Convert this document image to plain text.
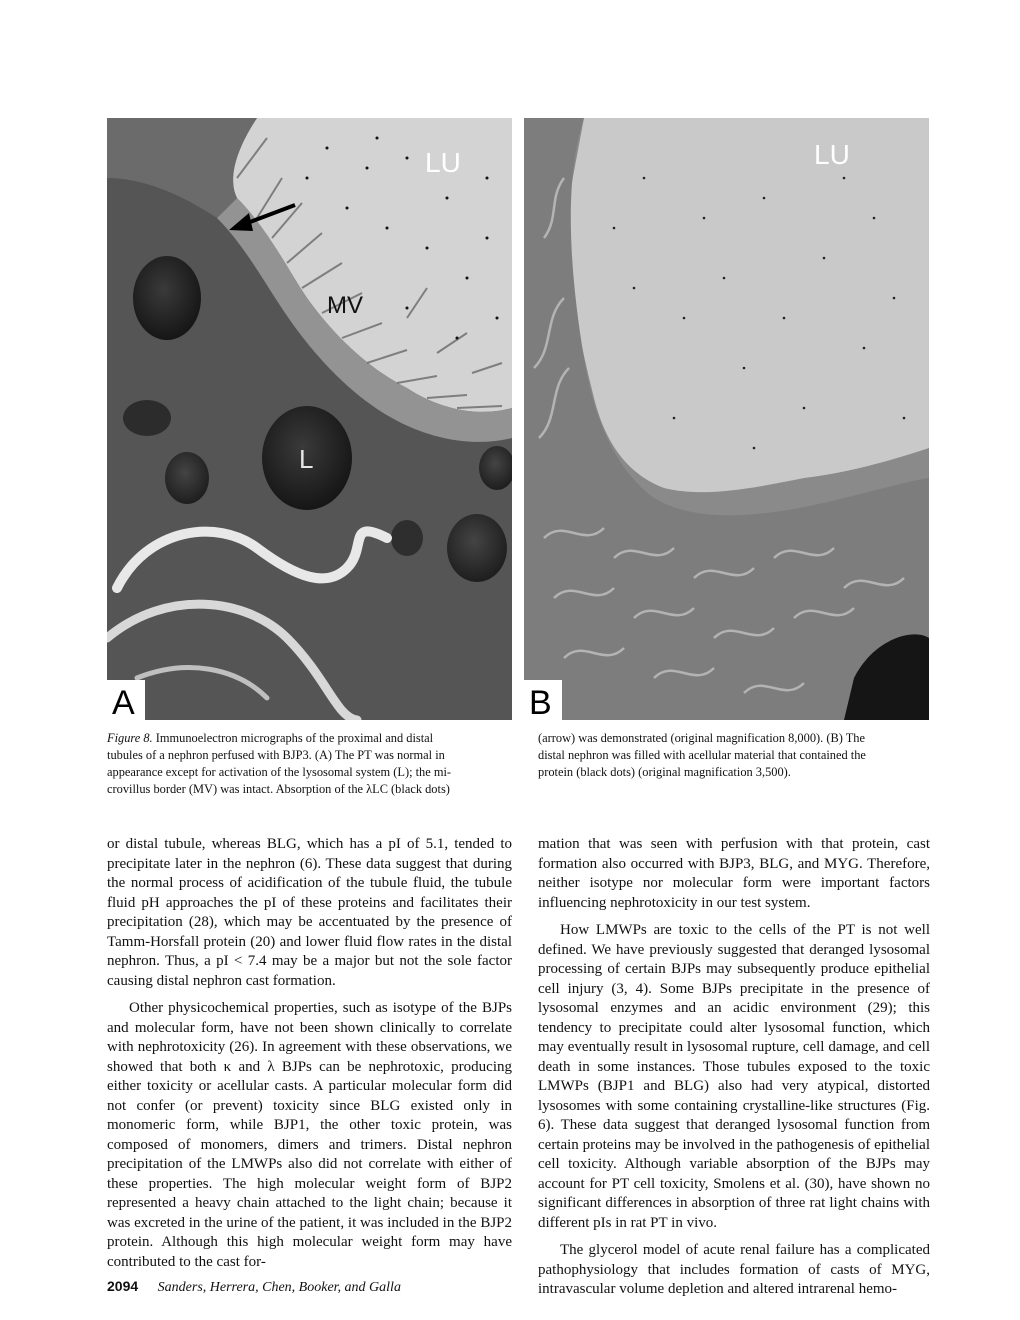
LU
MV
L
A
LU
B
Figure 8. Immunoelectron micrographs of the proximal and distal
tubules of a nephron perfused with BJP3. (A) The PT was normal in
appearance except for activation of the lysosomal system (L); the mi-
crovillus border (MV) was intact. Absorption of the λLC (black dots)
(arrow) was demonstrated (original magnification 8,000). (B) The
distal nephron was filled with acellular material that contained the
protein (black dots) (original magnification 3,500).

or distal tubule, whereas BLG, which has a pI of 5.1, tended to precipitate later in the nephron (6). These data suggest that during the normal process of acidification of the tubule fluid, the tubule fluid pH approaches the pI of these proteins and facilitates their precipitation (28), which may be accentuated by the presence of Tamm-Horsfall protein (20) and lower fluid flow rates in the distal nephron. Thus, a pI < 7.4 may be a major but not the sole factor causing distal nephron cast formation.

Other physicochemical properties, such as isotype of the BJPs and molecular form, have not been shown clinically to correlate with nephrotoxicity (26). In agreement with these observations, we showed that both κ and λ BJPs can be nephrotoxic, producing either toxicity or acellular casts. A particular molecular form did not confer (or prevent) toxicity since BLG existed only in monomeric form, while BJP1, the other toxic protein, was composed of monomers, dimers and trimers. Distal nephron precipitation of the LMWPs also did not correlate with either of these properties. The high molecular weight form of BJP2 represented a heavy chain attached to the light chain; because it was excreted in the urine of the patient, it was included in the BJP2 protein. Although this high molecular weight form may have contributed to the cast for-

mation that was seen with perfusion with that protein, cast formation also occurred with BJP3, BLG, and MYG. Therefore, neither isotype nor molecular form were important factors influencing nephrotoxicity in our test system.

How LMWPs are toxic to the cells of the PT is not well defined. We have previously suggested that deranged lysosomal processing of certain BJPs may subsequently produce epithelial cell injury (3, 4). Some BJPs precipitate in the presence of lysosomal enzymes and an acidic environment (29); this tendency to precipitate could alter lysosomal function, which may eventually result in lysosomal rupture, cell damage, and cell death in some instances. Those tubules exposed to the toxic LMWPs (BJP1 and BLG) also had very atypical, distorted lysosomes with some containing crystalline-like structures (Fig. 6). These data suggest that deranged lysosomal function from certain proteins may be involved in the pathogenesis of epithelial cell toxicity. Although variable absorption of the BJPs may account for PT cell toxicity, Smolens et al. (30), have shown no significant differences in absorption of three rat light chains with different pIs in rat PT in vivo.

The glycerol model of acute renal failure has a complicated pathophysiology that includes formation of casts of MYG, intravascular volume depletion and altered intrarenal hemo-

2094 Sanders, Herrera, Chen, Booker, and Galla
